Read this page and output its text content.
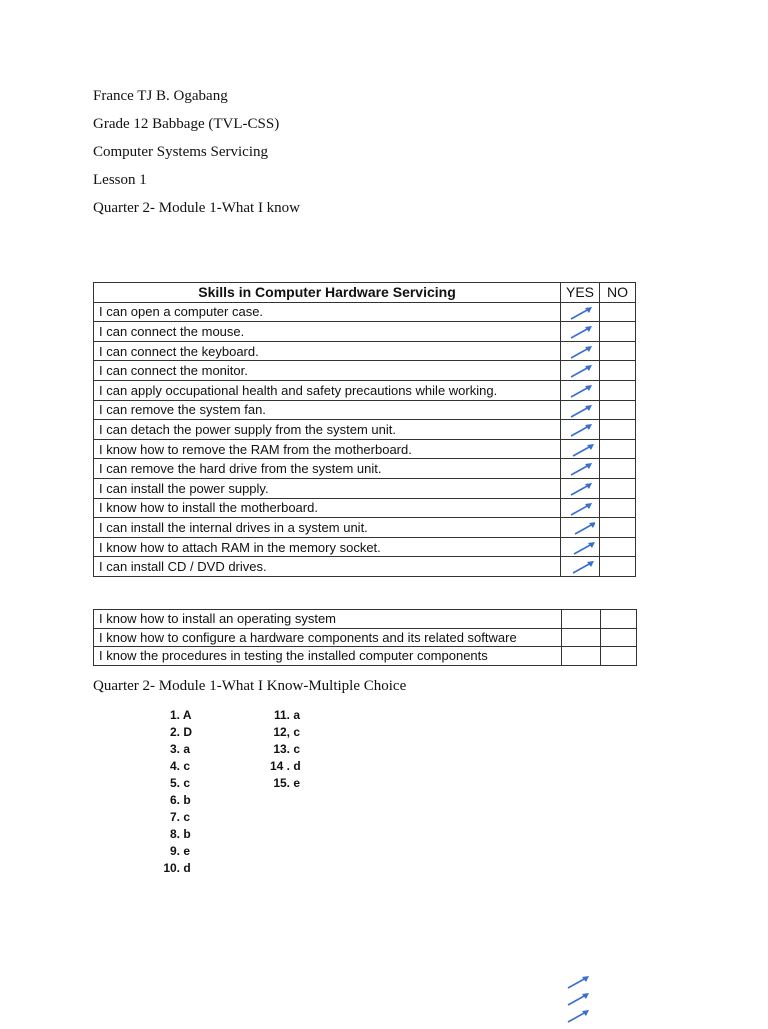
France TJ B. Ogabang
Grade 12 Babbage (TVL-CSS)
Computer Systems Servicing
Lesson 1
Quarter 2- Module 1-What I know
Skills in Computer Hardware Servicing	YES	NO
I can open a computer case.	

I can connect the mouse.	

I can connect the keyboard.	

I can connect the monitor.	

I can apply occupational health and safety precautions while working.	

I can remove the system fan.	

I can detach the power supply from the system unit.	

I know how to remove the RAM from the motherboard.	

I can remove the hard drive from the system unit.	

I can install the power supply.	

I know how to install the motherboard.	

I can install the internal drives in a system unit.	

I know how to attach RAM in the memory socket.	

I can install CD / DVD drives.	

I know how to install an operating system		
I know how to configure a hardware components and its related software		
I know the procedures in testing the installed computer components		
Quarter 2- Module 1-What I Know-Multiple Choice
1. A
2. D
3. a
4. c
5. c
6. b
7. c
8. b
9. e
10. d
11. a
12, c
13. c
14 . d
15. e
